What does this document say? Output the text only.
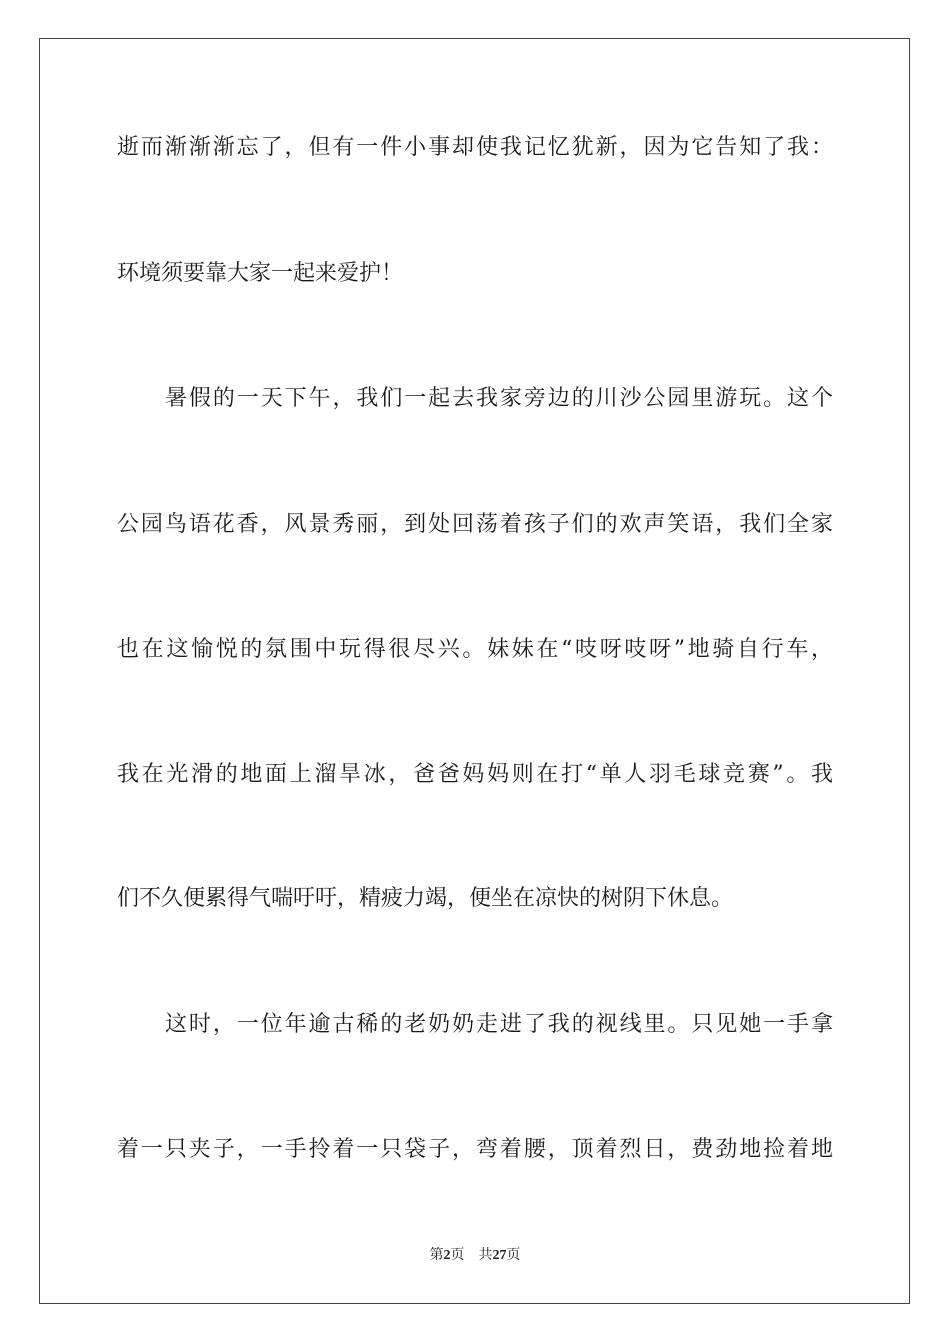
逝而渐渐渐忘了，但有一件小事却使我记忆犹新，因为它告知了我：
环境须要靠大家一起来爱护！
暑假的一天下午，我们一起去我家旁边的川沙公园里游玩。这个
公园鸟语花香，风景秀丽，到处回荡着孩子们的欢声笑语，我们全家
也在这愉悦的氛围中玩得很尽兴。妹妹在“吱呀吱呀”地骑自行车，
我在光滑的地面上溜旱冰，爸爸妈妈则在打“单人羽毛球竞赛”。我
们不久便累得气喘吁吁，精疲力竭，便坐在凉快的树阴下休息。
这时，一位年逾古稀的老奶奶走进了我的视线里。只见她一手拿
着一只夹子，一手拎着一只袋子，弯着腰，顶着烈日，费劲地捡着地
第2页 共27页
